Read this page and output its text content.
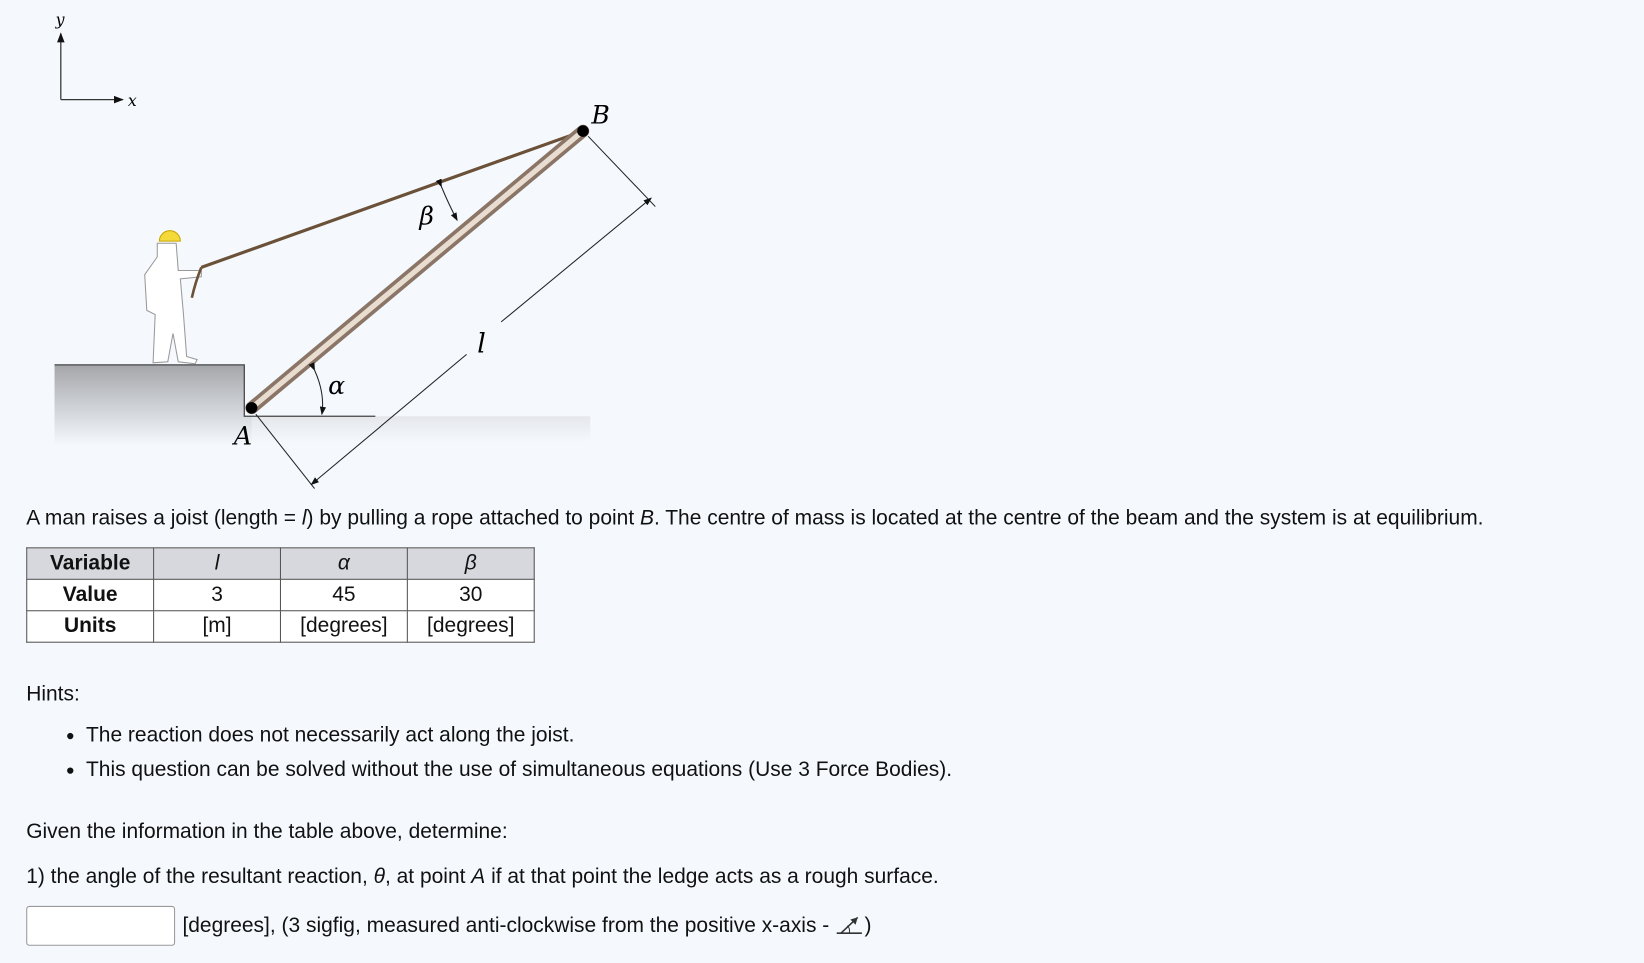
y
x
B
A
α
β
l

A man raises a joist (length = l) by pulling a rope attached to point B. The centre of mass is located at the centre of the beam and the system is at equilibrium.

Variable	l	α	β
Value	3	45	30
Units	[m]	[degrees]	[degrees]

Hints:

• The reaction does not necessarily act along the joist.
• This question can be solved without the use of simultaneous equations (Use 3 Force Bodies).

Given the information in the table above, determine:

1) the angle of the resultant reaction, θ, at point A if at that point the ledge acts as a rough surface.

[degrees], (3 sigfig, measured anti-clockwise from the positive x-axis - )
